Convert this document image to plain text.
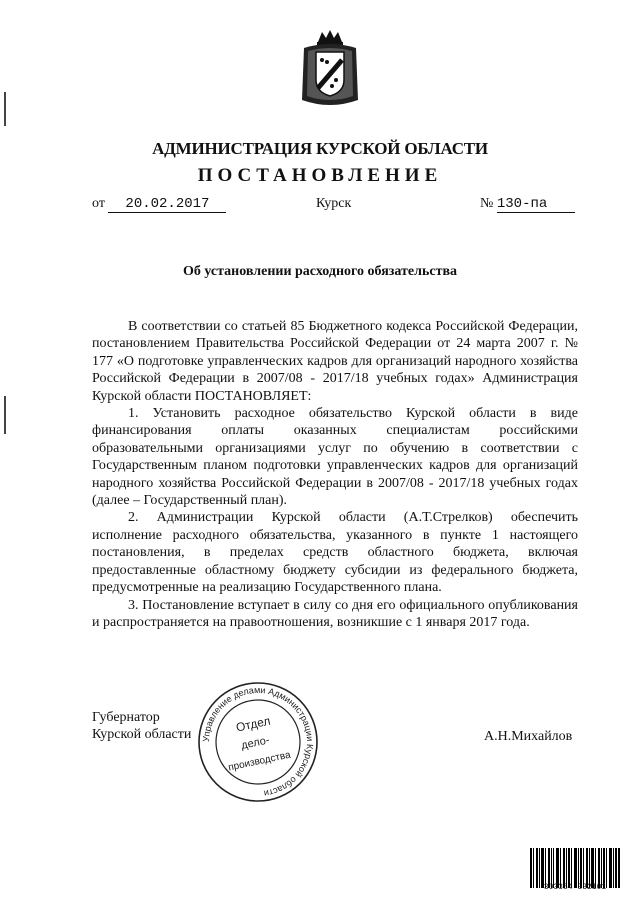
АДМИНИСТРАЦИЯ КУРСКОЙ ОБЛАСТИ
ПОСТАНОВЛЕНИЕ
от 20.02.2017	Курск	№ 130-па
Об установлении расходного обязательства

В соответствии со статьей 85 Бюджетного кодекса Российской Федерации, постановлением Правительства Российской Федерации от 24 марта 2007 г. № 177 «О подготовке управленческих кадров для организаций народного хозяйства Российской Федерации в 2007/08 - 2017/18 учебных годах» Администрация Курской области ПОСТАНОВЛЯЕТ:

1. Установить расходное обязательство Курской области в виде финансирования оплаты оказанных специалистам российскими образовательными организациями услуг по обучению в соответствии с Государственным планом подготовки управленческих кадров для организаций народного хозяйства Российской Федерации в 2007/08 - 2017/18 учебных годах (далее – Государственный план).

2. Администрации Курской области (А.Т.Стрелков) обеспечить исполнение расходного обязательства, указанного в пункте 1 настоящего постановления, в пределах средств областного бюджета, включая предоставленные областному бюджету субсидии из федерального бюджета, предусмотренные на реализацию Государственного плана.

3. Постановление вступает в силу со дня его официального опубликования и распространяется на правоотношения, возникшие с 1 января 2017 года.

Губернатор
Курской области	А.Н.Михайлов
Управление делами Администрации Курской области
Отдел
дело-
производства
303354 332101
